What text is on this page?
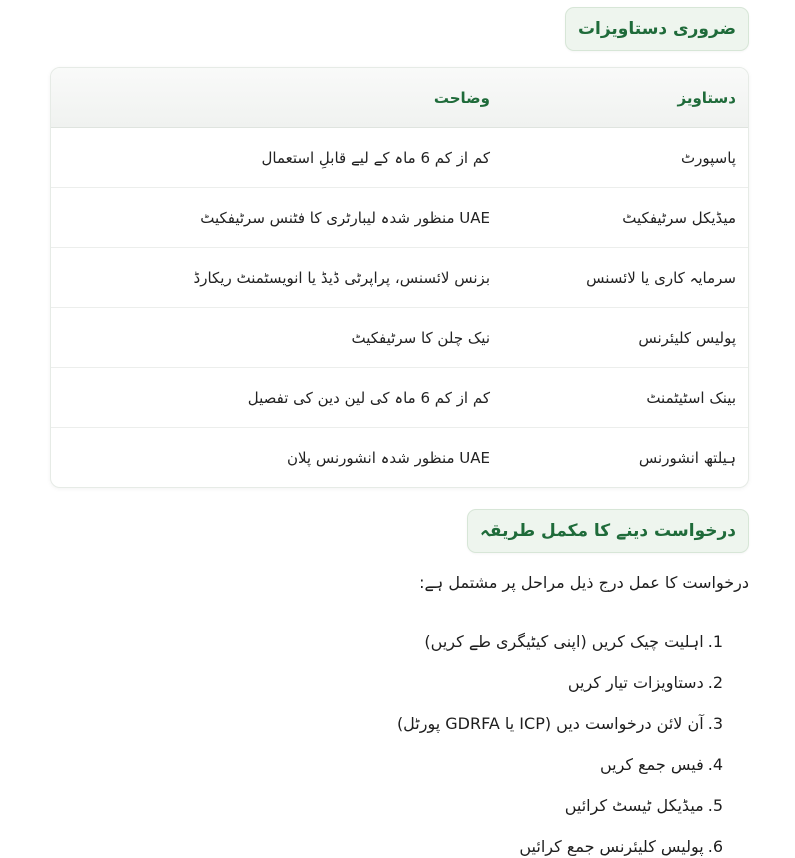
ضروری دستاویزات
دستاویز
وضاحت
پاسپورٹ
کم از کم 6 ماہ کے لیے قابلِ استعمال
میڈیکل سرٹیفکیٹ
UAE منظور شدہ لیبارٹری کا فٹنس سرٹیفکیٹ
سرمایہ کاری یا لائسنس
بزنس لائسنس، پراپرٹی ڈیڈ یا انویسٹمنٹ ریکارڈ
پولیس کلیئرنس
نیک چلن کا سرٹیفکیٹ
بینک اسٹیٹمنٹ
کم از کم 6 ماہ کی لین دین کی تفصیل
ہیلتھ انشورنس
UAE منظور شدہ انشورنس پلان
درخواست دینے کا مکمل طریقہ
درخواست کا عمل درج ذیل مراحل پر مشتمل ہے:
1.اہلیت چیک کریں (اپنی کیٹیگری طے کریں)
2.دستاویزات تیار کریں
3.آن لائن درخواست دیں (ICP یا GDRFA پورٹل)
4.فیس جمع کریں
5.میڈیکل ٹیسٹ کرائیں
6.پولیس کلیئرنس جمع کرائیں
